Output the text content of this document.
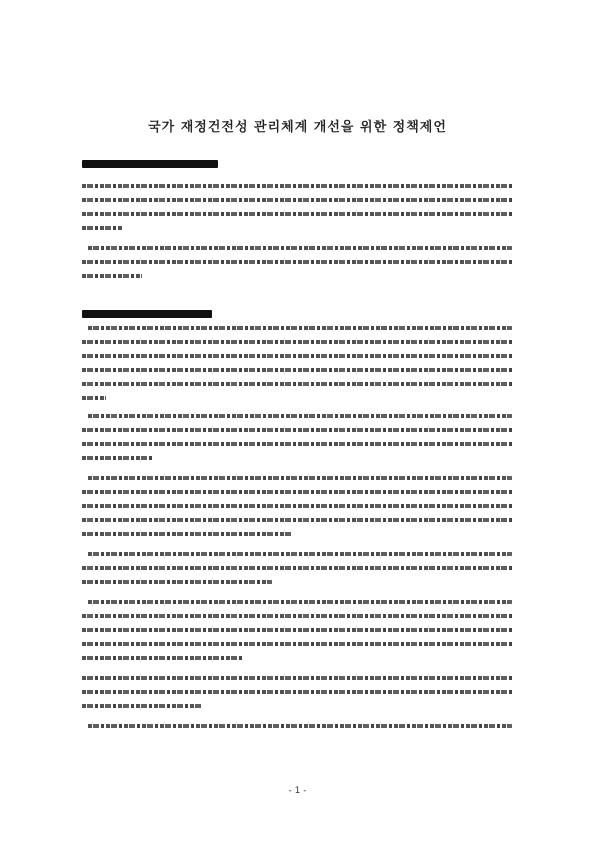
국가 재정건전성 관리체계 개선을 위한 정책제언
- 1 -
